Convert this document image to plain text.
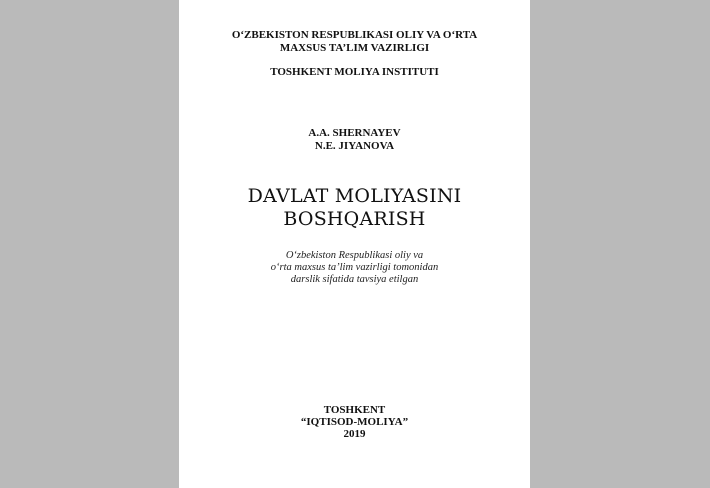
O‘ZBEKISTON RESPUBLIKASI OLIY VA O‘RTA
MAXSUS TA’LIM VAZIRLIGI
TOSHKENT MOLIYA INSTITUTI
A.A. SHERNAYEV
N.E. JIYANOVA
DAVLAT MOLIYASINI
BOSHQARISH
O‘zbekiston Respublikasi oliy va
o‘rta maxsus ta’lim vazirligi tomonidan
darslik sifatida tavsiya etilgan
TOSHKENT
“IQTISOD-MOLIYA”
2019
